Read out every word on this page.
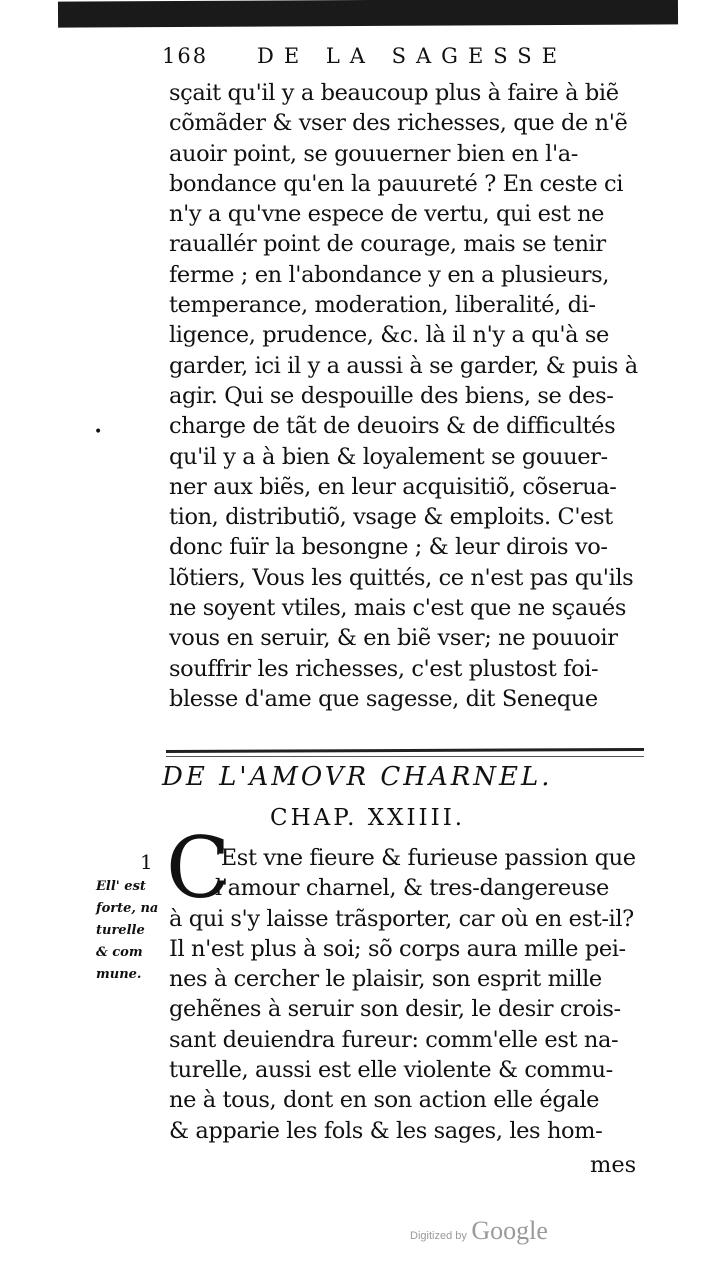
168 DE LA SAGESSE
sçait qu'il y a beaucoup plus à faire à biẽ
cõmãder & vser des richesses, que de n'ẽ
auoir point, se gouuerner bien en l'a-
bondance qu'en la pauureté ? En ceste ci
n'y a qu'vne espece de vertu, qui est ne
rauallér point de courage, mais se tenir
ferme ; en l'abondance y en a plusieurs,
temperance, moderation, liberalité, di-
ligence, prudence, &c. là il n'y a qu'à se
garder, ici il y a aussi à se garder, & puis à
agir. Qui se despouille des biens, se des-
charge de tãt de deuoirs & de difficultés
qu'il y a à bien & loyalement se gouuer-
ner aux biẽs, en leur acquisitiõ, cõseruа-
tion, distributiõ, vsage & emploits. C'est
donc fuïr la besongne ; & leur dirois vo-
lõtiers, Vous les quittés, ce n'est pas qu'ils
ne soyent vtiles, mais c'est que ne sçaués
vous en seruir, & en biẽ vser; ne pouuoir
souffrir les richesses, c'est plustost foi-
blesse d'ame que sagesse, dit Seneque
•
DE L'AMOVR CHARNEL.
CHAP. XXIIII.
1
Ell' est
forte, na
turelle
& com
mune.
C
'Est vne fieure & furieuse passion que
l'amour charnel, & tres-dangereuse
à qui s'y laisse trãsporter, car où en est-il?
Il n'est plus à soi; sõ corps aura mille pei-
nes à cercher le plaisir, son esprit mille
gehẽnes à seruir son desir, le desir crois-
sant deuiendra fureur: comm'elle est na-
turelle, aussi est elle violente & commu-
ne à tous, dont en son action elle égale
& apparie les fols & les sages, les hom-
mes
Digitized by Google
